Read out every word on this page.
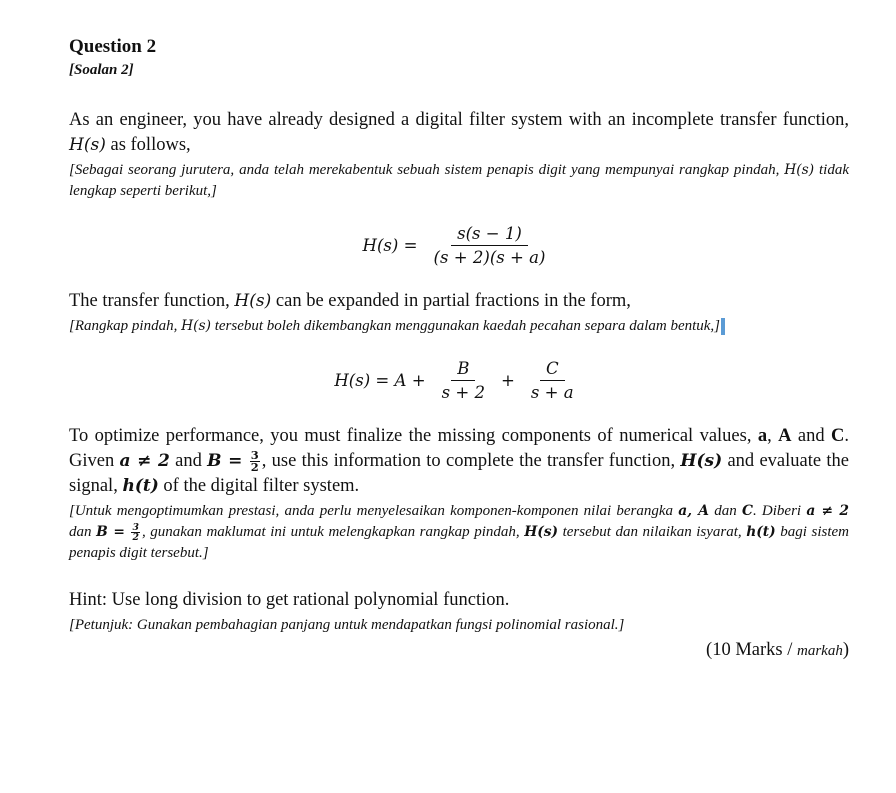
Question 2

[Soalan 2]

As an engineer, you have already designed a digital filter system with an incomplete transfer function, H(s) as follows,

[Sebagai seorang jurutera, anda telah merekabentuk sebuah sistem penapis digit yang mempunyai rangkap pindah, H(s) tidak lengkap seperti berikut,]

$H(s) = \frac{s(s - 1)}{(s + 2)(s + a)}$

The transfer function, H(s) can be expanded in partial fractions in the form,

[Rangkap pindah, H(s) tersebut boleh dikembangkan menggunakan kaedah pecahan separa dalam bentuk,]

$H(s) = A + \frac{B}{s + 2} + \frac{C}{s + a}$

To optimize performance, you must finalize the missing components of numerical values, a, A and C. Given a ≠ 2 and $B = \frac{3}{2}$ , use this information to complete the transfer function, H(s) and evaluate the signal, h(t) of the digital filter system.

[Untuk mengoptimumkan prestasi, anda perlu menyelesaikan komponen-komponen nilai berangka a, A dan C. Diberi a ≠ 2 dan $B = \frac{3}{2}$ , gunakan maklumat ini untuk melengkapkan rangkap pindah, H(s) tersebut dan nilaikan isyarat, h(t) bagi sistem penapis digit tersebut.]

Hint: Use long division to get rational polynomial function.

[Petunjuk: Gunakan pembahagian panjang untuk mendapatkan fungsi polinomial rasional.]

(10 Marks / markah)
